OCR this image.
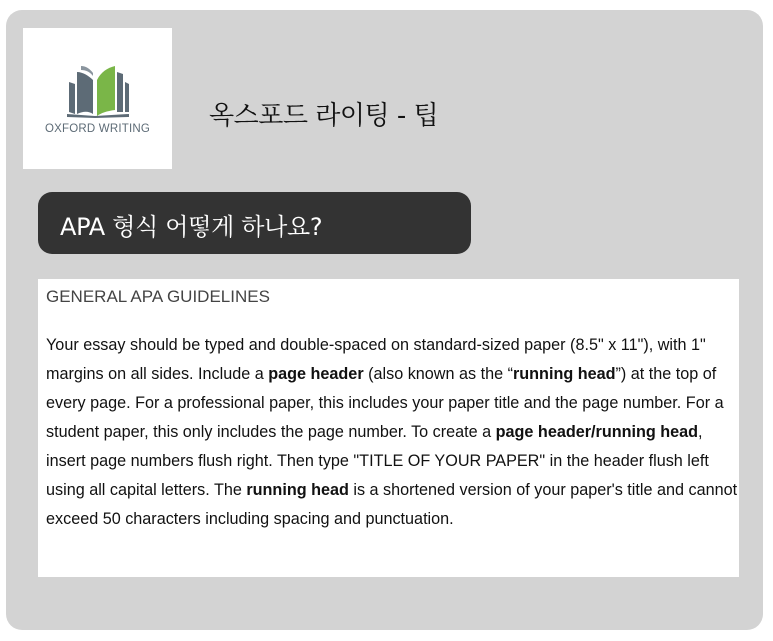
OXFORD WRITING	옥스포드 라이팅 - 팁
APA 형식 어떻게 하나요?
GENERAL APA GUIDELINES

Your essay should be typed and double-spaced on standard-sized paper (8.5" x 11"), with 1" margins on all sides. Include a page header (also known as the “running head”) at the top of every page. For a professional paper, this includes your paper title and the page number. For a student paper, this only includes the page number. To create a page header/running head, insert page numbers flush right. Then type "TITLE OF YOUR PAPER" in the header flush left using all capital letters. The running head is a shortened version of your paper's title and cannot exceed 50 characters including spacing and punctuation.
